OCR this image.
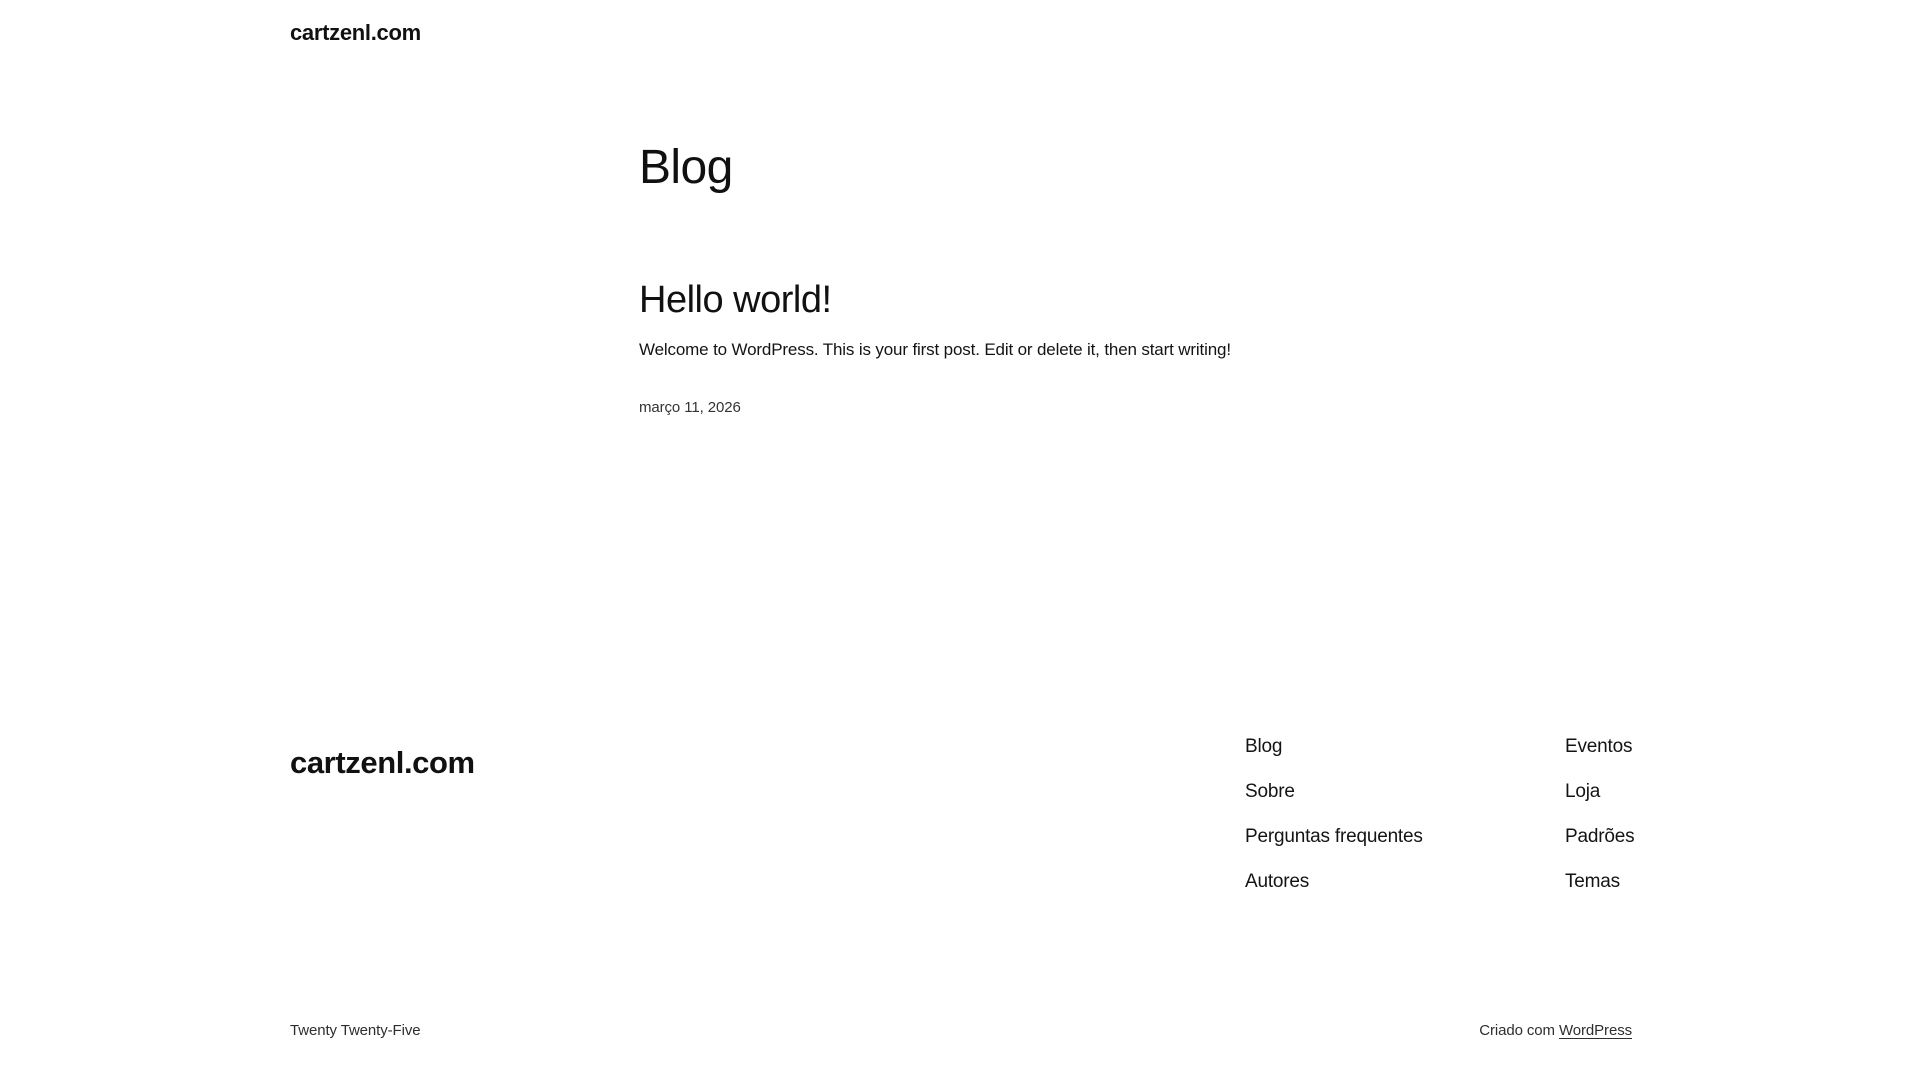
cartzenl.com
Blog
Hello world!

Welcome to WordPress. This is your first post. Edit or delete it, then start writing!

março 11, 2026
cartzenl.com	Blog
Sobre
Perguntas frequentes
Autores
Eventos
Loja
Padrões
Temas
Twenty Twenty-Five	Criado com WordPress
